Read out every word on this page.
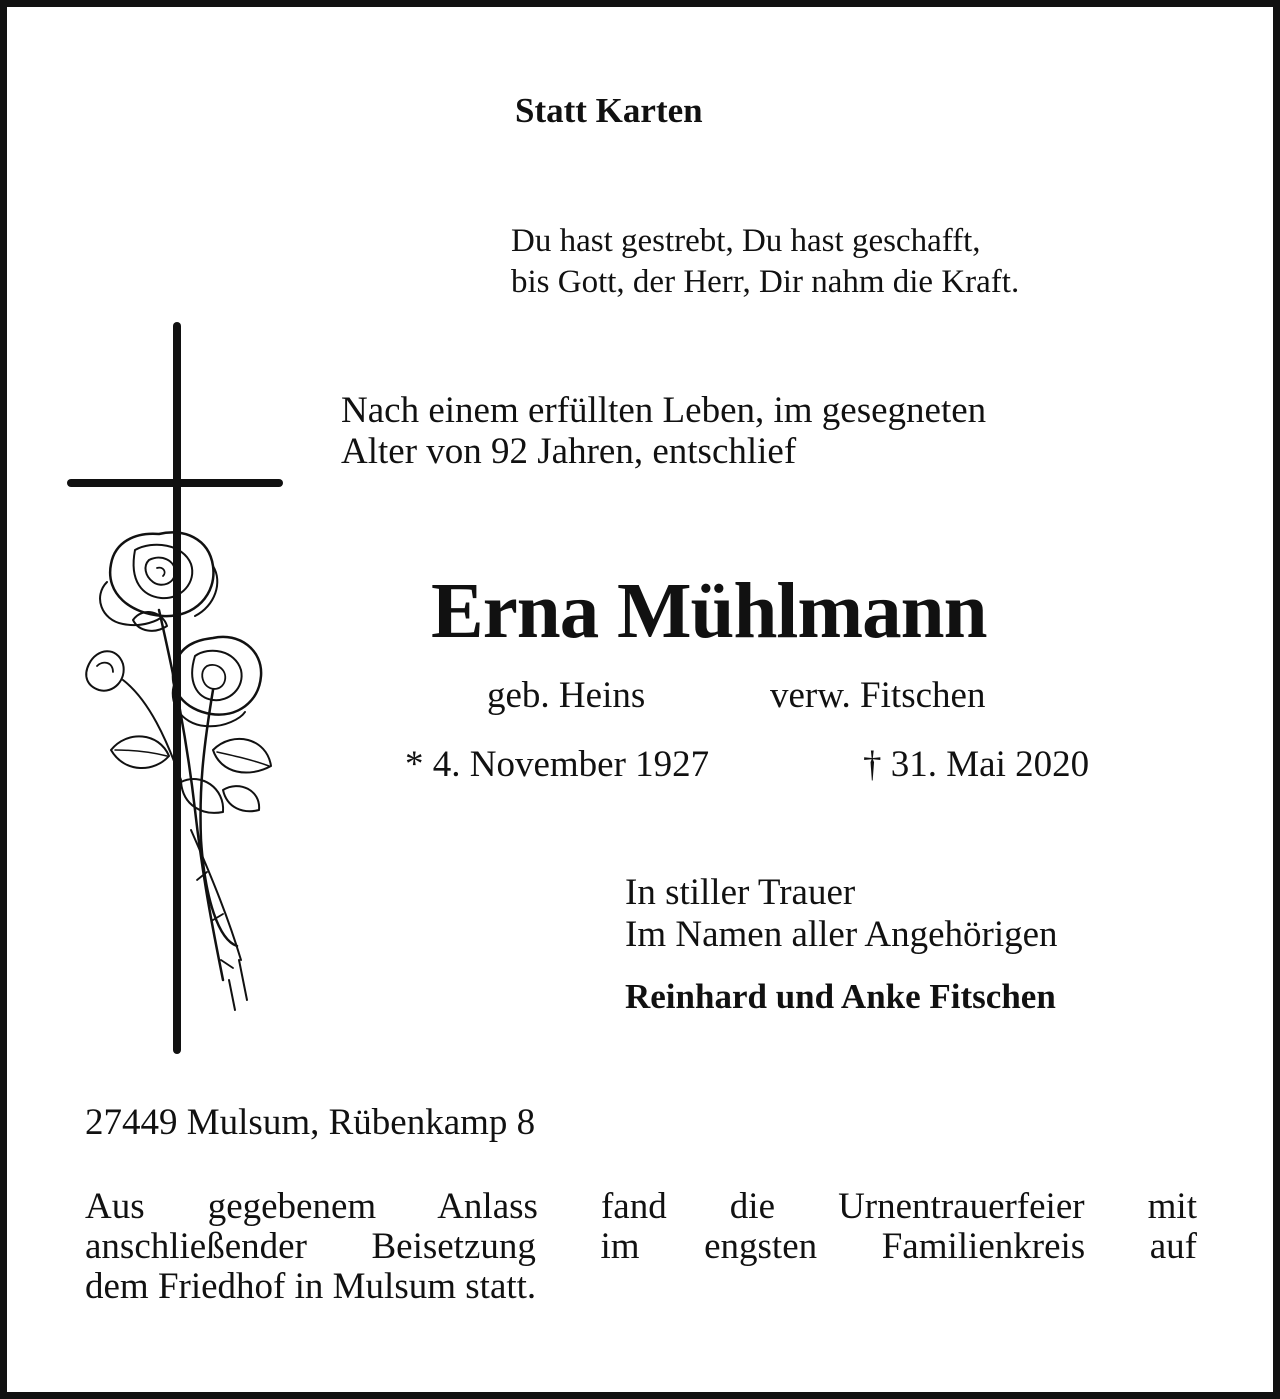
Statt Karten

Du hast gestrebt, Du hast geschafft,
bis Gott, der Herr, Dir nahm die Kraft.

Nach einem erfüllten Leben, im gesegneten
Alter von 92 Jahren, entschlief

Erna Mühlmann

geb. Heins	verw. Fitschen

* 4. November 1927	† 31. Mai 2020

In stiller Trauer
Im Namen aller Angehörigen

Reinhard und Anke Fitschen

27449 Mulsum, Rübenkamp 8

Aus gegebenem Anlass fand die Urnentrauerfeier mit
anschließender Beisetzung im engsten Familienkreis auf
dem Friedhof in Mulsum statt.
